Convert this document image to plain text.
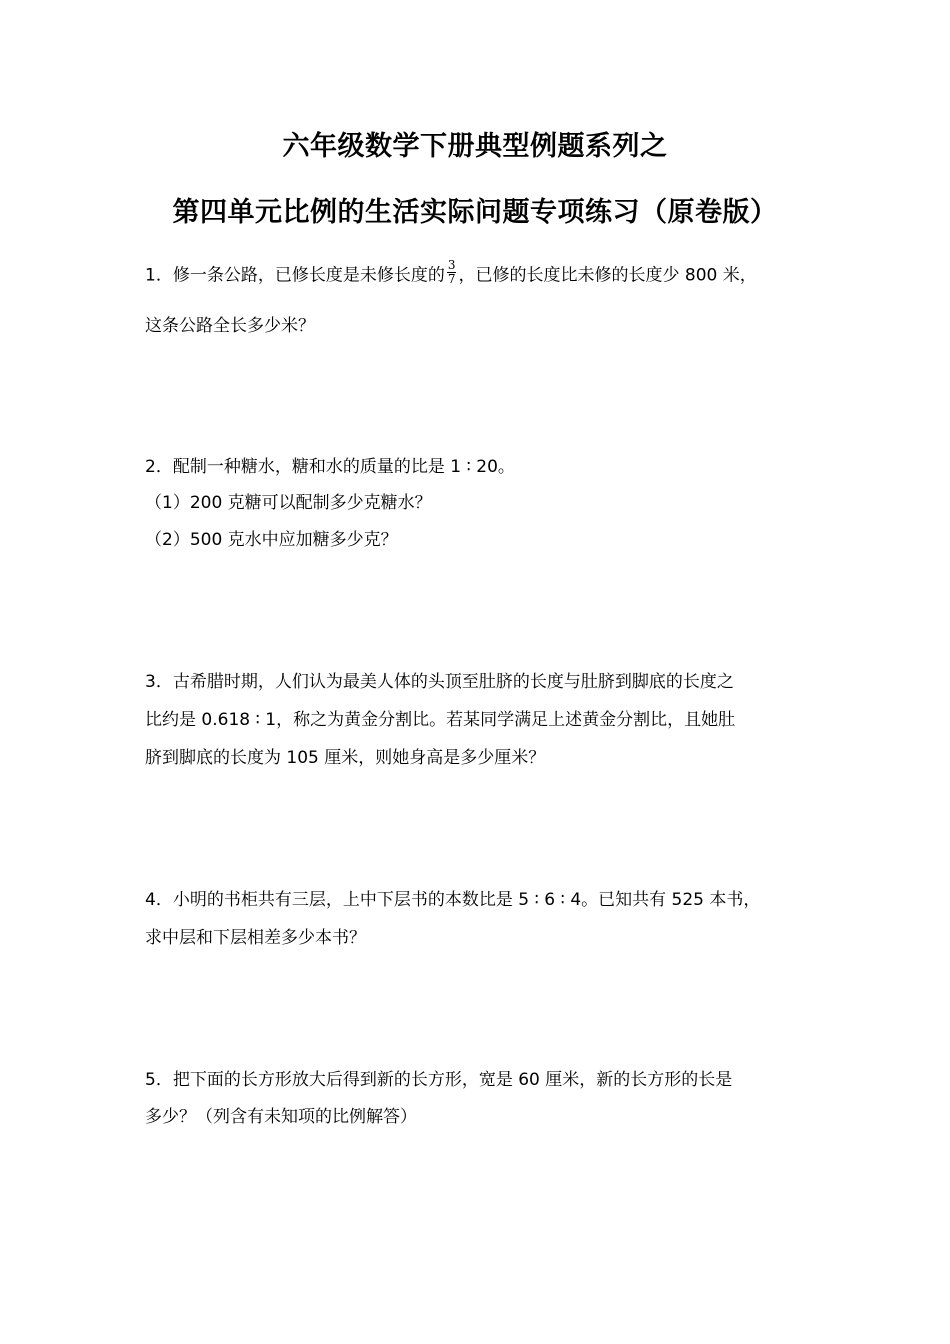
六年级数学下册典型例题系列之
第四单元比例的生活实际问题专项练习（原卷版）
1．修一条公路，已修长度是未修长度的 $\frac{3}{7}$ ，已修的长度比未修的长度少 800 米，
这条公路全长多少米？
2．配制一种糖水，糖和水的质量的比是 1 ∶ 20。
（1）200 克糖可以配制多少克糖水？
（2）500 克水中应加糖多少克？
3．古希腊时期，人们认为最美人体的头顶至肚脐的长度与肚脐到脚底的长度之
比约是 0.618 ∶ 1，称之为黄金分割比。若某同学满足上述黄金分割比，且她肚
脐到脚底的长度为 105 厘米，则她身高是多少厘米？
4．小明的书柜共有三层，上中下层书的本数比是 5 ∶ 6 ∶ 4。已知共有 525 本书，
求中层和下层相差多少本书？
5．把下面的长方形放大后得到新的长方形，宽是 60 厘米，新的长方形的长是
多少？（列含有未知项的比例解答）
